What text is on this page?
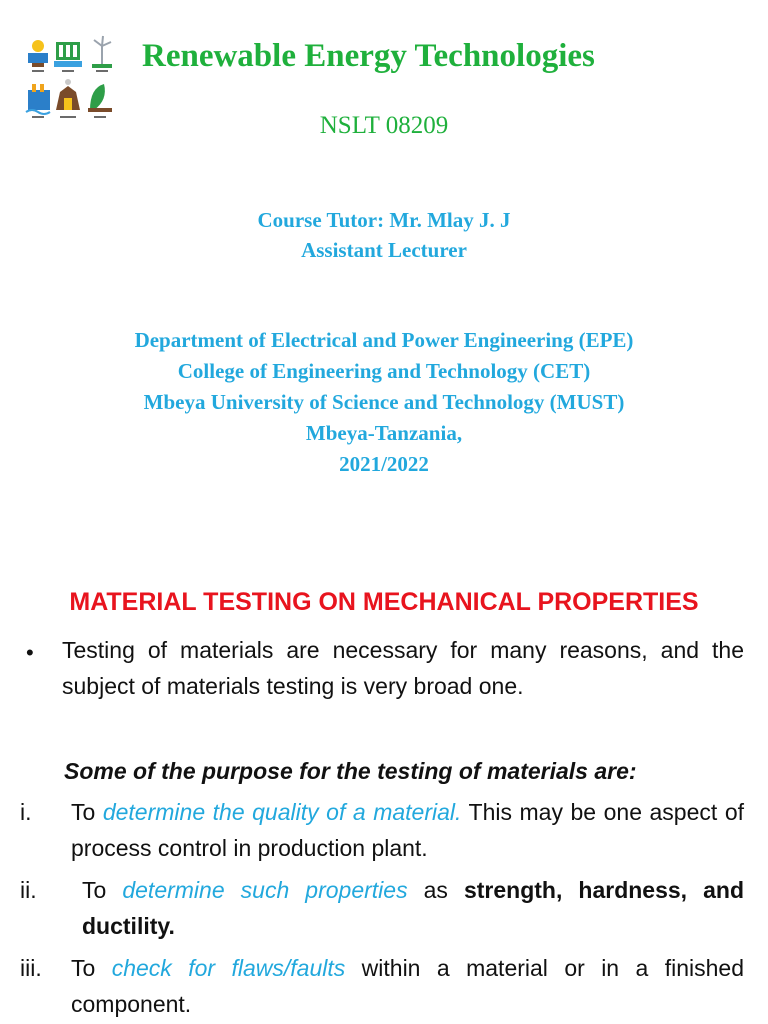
Renewable Energy Technologies
NSLT 08209
Course Tutor: Mr. Mlay J. J
Assistant Lecturer
Department of Electrical and Power Engineering (EPE)
College of Engineering and Technology (CET)
Mbeya University of Science and Technology (MUST)
Mbeya-Tanzania,
2021/2022
MATERIAL TESTING ON MECHANICAL PROPERTIES
• Testing of materials are necessary for many reasons, and the subject of materials testing is very broad one.
Some of the purpose for the testing of materials are:
i. To determine the quality of a material. This may be one aspect of process control in production plant.
ii. To determine such properties as strength, hardness, and ductility.
iii. To check for flaws/faults within a material or in a finished component.
